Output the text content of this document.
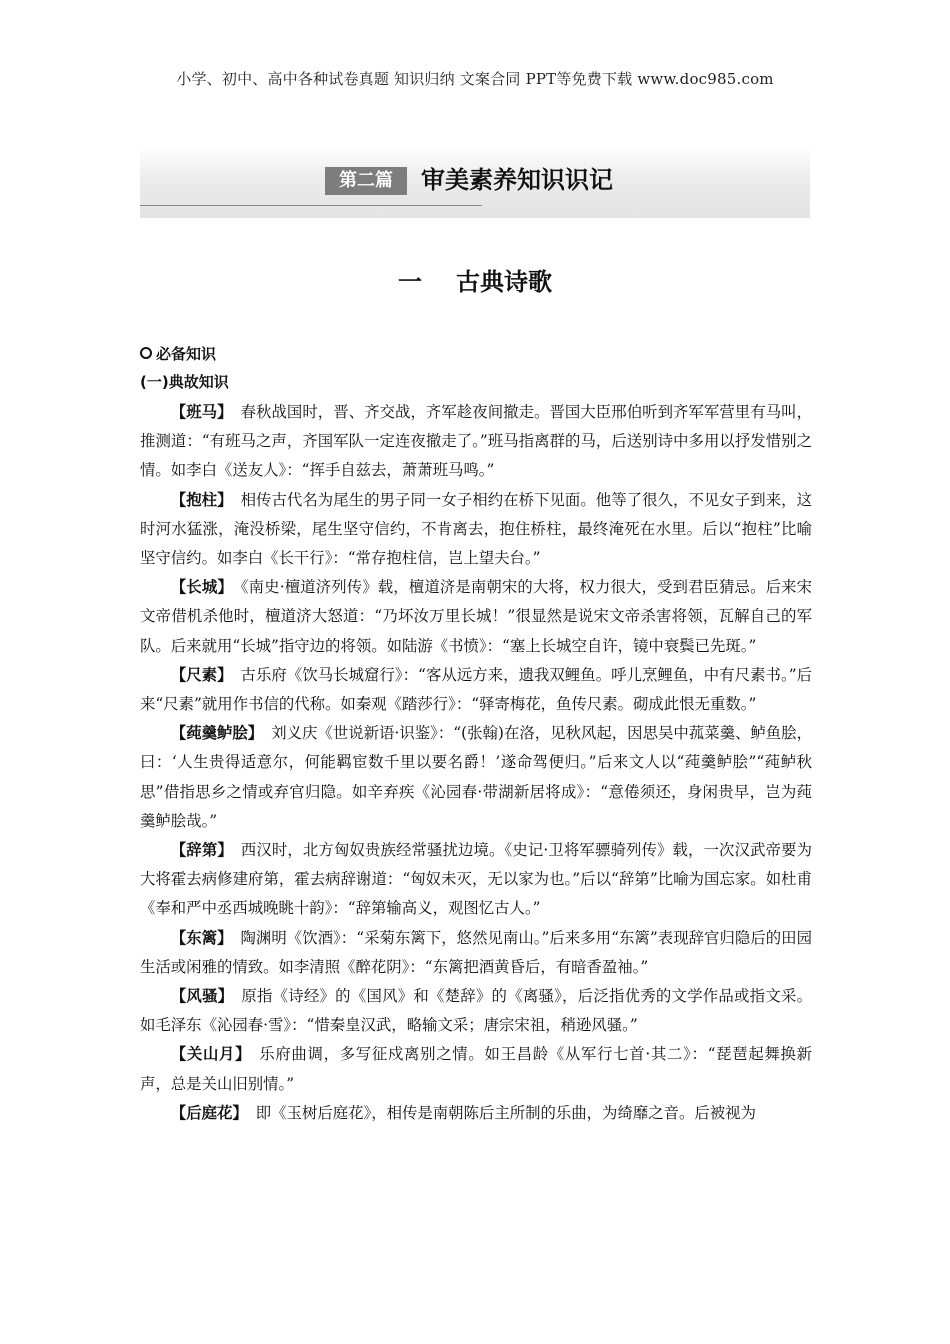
小学、初中、高中各种试卷真题 知识归纳 文案合同 PPT等免费下载 www.doc985.com
第二篇	审美素养知识识记
一 古典诗歌
必备知识
(一)典故知识

【班马】 春秋战国时，晋、齐交战，齐军趁夜间撤走。晋国大臣邢伯听到齐军军营里有马叫，推测道：“有班马之声，齐国军队一定连夜撤走了。”班马指离群的马，后送别诗中多用以抒发惜别之情。如李白《送友人》：“挥手自兹去，萧萧班马鸣。”

【抱柱】 相传古代名为尾生的男子同一女子相约在桥下见面。他等了很久，不见女子到来，这时河水猛涨，淹没桥梁，尾生坚守信约，不肯离去，抱住桥柱，最终淹死在水里。后以“抱柱”比喻坚守信约。如李白《长干行》：“常存抱柱信，岂上望夫台。”

【长城】 《南史·檀道济列传》载，檀道济是南朝宋的大将，权力很大，受到君臣猜忌。后来宋文帝借机杀他时，檀道济大怒道：“乃坏汝万里长城！”很显然是说宋文帝杀害将领，瓦解自己的军队。后来就用“长城”指守边的将领。如陆游《书愤》：“塞上长城空自许，镜中衰鬓已先斑。”

【尺素】 古乐府《饮马长城窟行》：“客从远方来，遗我双鲤鱼。呼儿烹鲤鱼，中有尺素书。”后来“尺素”就用作书信的代称。如秦观《踏莎行》：“驿寄梅花，鱼传尺素。砌成此恨无重数。”

【莼羹鲈脍】 刘义庆《世说新语·识鉴》：“(张翰)在洛，见秋风起，因思吴中菰菜羹、鲈鱼脍，曰：‘人生贵得适意尔，何能羁宦数千里以要名爵！’遂命驾便归。”后来文人以“莼羹鲈脍”“莼鲈秋思”借指思乡之情或弃官归隐。如辛弃疾《沁园春·带湖新居将成》：“意倦须还，身闲贵早，岂为莼羹鲈脍哉。”

【辞第】 西汉时，北方匈奴贵族经常骚扰边境。《史记·卫将军骠骑列传》载，一次汉武帝要为大将霍去病修建府第，霍去病辞谢道：“匈奴未灭，无以家为也。”后以“辞第”比喻为国忘家。如杜甫《奉和严中丞西城晚眺十韵》：“辞第输高义，观图忆古人。”

【东篱】 陶渊明《饮酒》：“采菊东篱下，悠然见南山。”后来多用“东篱”表现辞官归隐后的田园生活或闲雅的情致。如李清照《醉花阴》：“东篱把酒黄昏后，有暗香盈袖。”

【风骚】 原指《诗经》的《国风》和《楚辞》的《离骚》，后泛指优秀的文学作品或指文采。如毛泽东《沁园春·雪》：“惜秦皇汉武，略输文采；唐宗宋祖，稍逊风骚。”

【关山月】 乐府曲调，多写征戍离别之情。如王昌龄《从军行七首·其二》：“琵琶起舞换新声，总是关山旧别情。”

【后庭花】 即《玉树后庭花》，相传是南朝陈后主所制的乐曲，为绮靡之音。后被视为
